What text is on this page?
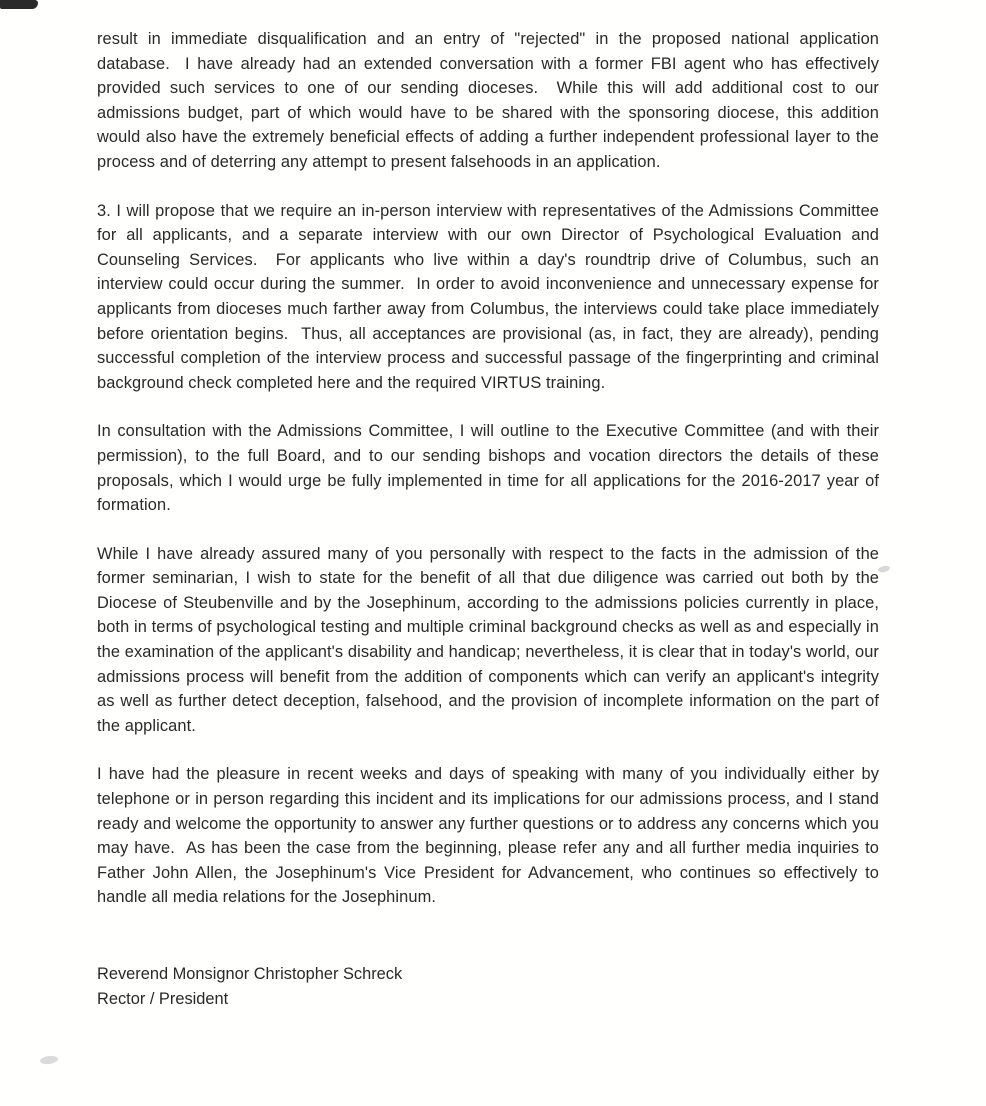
result in immediate disqualification and an entry of "rejected" in the proposed national application database.  I have already had an extended conversation with a former FBI agent who has effectively provided such services to one of our sending dioceses.  While this will add additional cost to our admissions budget, part of which would have to be shared with the sponsoring diocese, this addition would also have the extremely beneficial effects of adding a further independent professional layer to the process and of deterring any attempt to present falsehoods in an application.

3. I will propose that we require an in-person interview with representatives of the Admissions Committee for all applicants, and a separate interview with our own Director of Psychological Evaluation and Counseling Services.  For applicants who live within a day's roundtrip drive of Columbus, such an interview could occur during the summer.  In order to avoid inconvenience and unnecessary expense for applicants from dioceses much farther away from Columbus, the interviews could take place immediately before orientation begins.  Thus, all acceptances are provisional (as, in fact, they are already), pending successful completion of the interview process and successful passage of the fingerprinting and criminal background check completed here and the required VIRTUS training.

In consultation with the Admissions Committee, I will outline to the Executive Committee (and with their permission), to the full Board, and to our sending bishops and vocation directors the details of these proposals, which I would urge be fully implemented in time for all applications for the 2016-2017 year of formation.

While I have already assured many of you personally with respect to the facts in the admission of the former seminarian, I wish to state for the benefit of all that due diligence was carried out both by the Diocese of Steubenville and by the Josephinum, according to the admissions policies currently in place, both in terms of psychological testing and multiple criminal background checks as well as and especially in the examination of the applicant's disability and handicap; nevertheless, it is clear that in today's world, our admissions process will benefit from the addition of components which can verify an applicant's integrity as well as further detect deception, falsehood, and the provision of incomplete information on the part of the applicant.

I have had the pleasure in recent weeks and days of speaking with many of you individually either by telephone or in person regarding this incident and its implications for our admissions process, and I stand ready and welcome the opportunity to answer any further questions or to address any concerns which you may have.  As has been the case from the beginning, please refer any and all further media inquiries to Father John Allen, the Josephinum's Vice President for Advancement, who continues so effectively to handle all media relations for the Josephinum.

Reverend Monsignor Christopher Schreck
Rector / President
